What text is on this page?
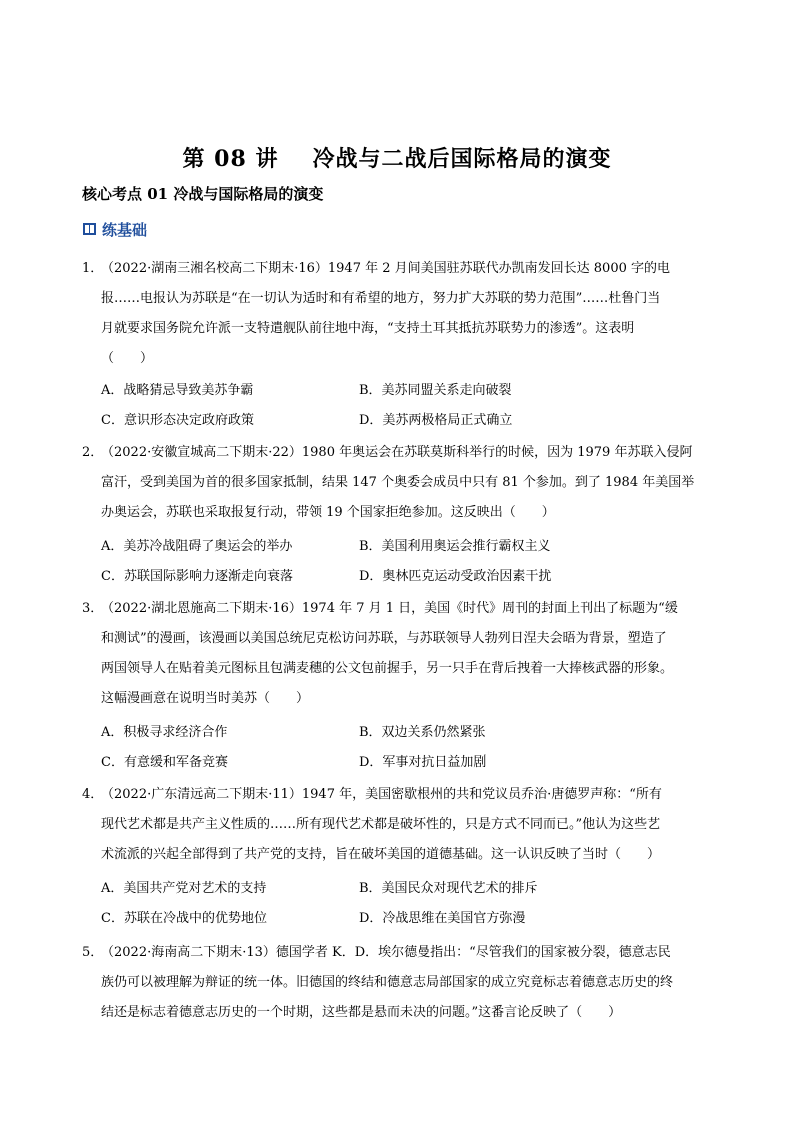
第 08 讲 冷战与二战后国际格局的演变
核心考点 01 冷战与国际格局的演变
练基础
1．（2022·湖南三湘名校高二下期末·16）1947 年 2 月间美国驻苏联代办凯南发回长达 8000 字的电
报……电报认为苏联是“在一切认为适时和有希望的地方，努力扩大苏联的势力范围”……杜鲁门当
月就要求国务院允许派一支特遣舰队前往地中海，“支持土耳其抵抗苏联势力的渗透”。这表明
（　　）
A．战略猜忌导致美苏争霸	B．美苏同盟关系走向破裂
C．意识形态决定政府政策	D．美苏两极格局正式确立
2．（2022·安徽宣城高二下期末·22）1980 年奥运会在苏联莫斯科举行的时候，因为 1979 年苏联入侵阿
富汗，受到美国为首的很多国家抵制，结果 147 个奥委会成员中只有 81 个参加。到了 1984 年美国举
办奥运会，苏联也采取报复行动，带领 19 个国家拒绝参加。这反映出（　　）
A．美苏冷战阻碍了奥运会的举办	B．美国利用奥运会推行霸权主义
C．苏联国际影响力逐渐走向衰落	D．奥林匹克运动受政治因素干扰
3．（2022·湖北恩施高二下期末·16）1974 年 7 月 1 日，美国《时代》周刊的封面上刊出了标题为“缓
和测试”的漫画，该漫画以美国总统尼克松访问苏联，与苏联领导人勃列日涅夫会晤为背景，塑造了
两国领导人在贴着美元图标且包满麦穗的公文包前握手，另一只手在背后拽着一大捧核武器的形象。
这幅漫画意在说明当时美苏（　　）
A．积极寻求经济合作	B．双边关系仍然紧张
C．有意缓和军备竞赛	D．军事对抗日益加剧
4．（2022·广东清远高二下期末·11）1947 年，美国密歇根州的共和党议员乔治·唐德罗声称：“所有
现代艺术都是共产主义性质的……所有现代艺术都是破坏性的，只是方式不同而已。”他认为这些艺
术流派的兴起全部得到了共产党的支持，旨在破坏美国的道德基础。这一认识反映了当时（　　）
A．美国共产党对艺术的支持	B．美国民众对现代艺术的排斥
C．苏联在冷战中的优势地位	D．冷战思维在美国官方弥漫
5．（2022·海南高二下期末·13）德国学者 K．D．埃尔德曼指出：“尽管我们的国家被分裂，德意志民
族仍可以被理解为辩证的统一体。旧德国的终结和德意志局部国家的成立究竟标志着德意志历史的终
结还是标志着德意志历史的一个时期，这些都是悬而未决的问题。”这番言论反映了（　　）
